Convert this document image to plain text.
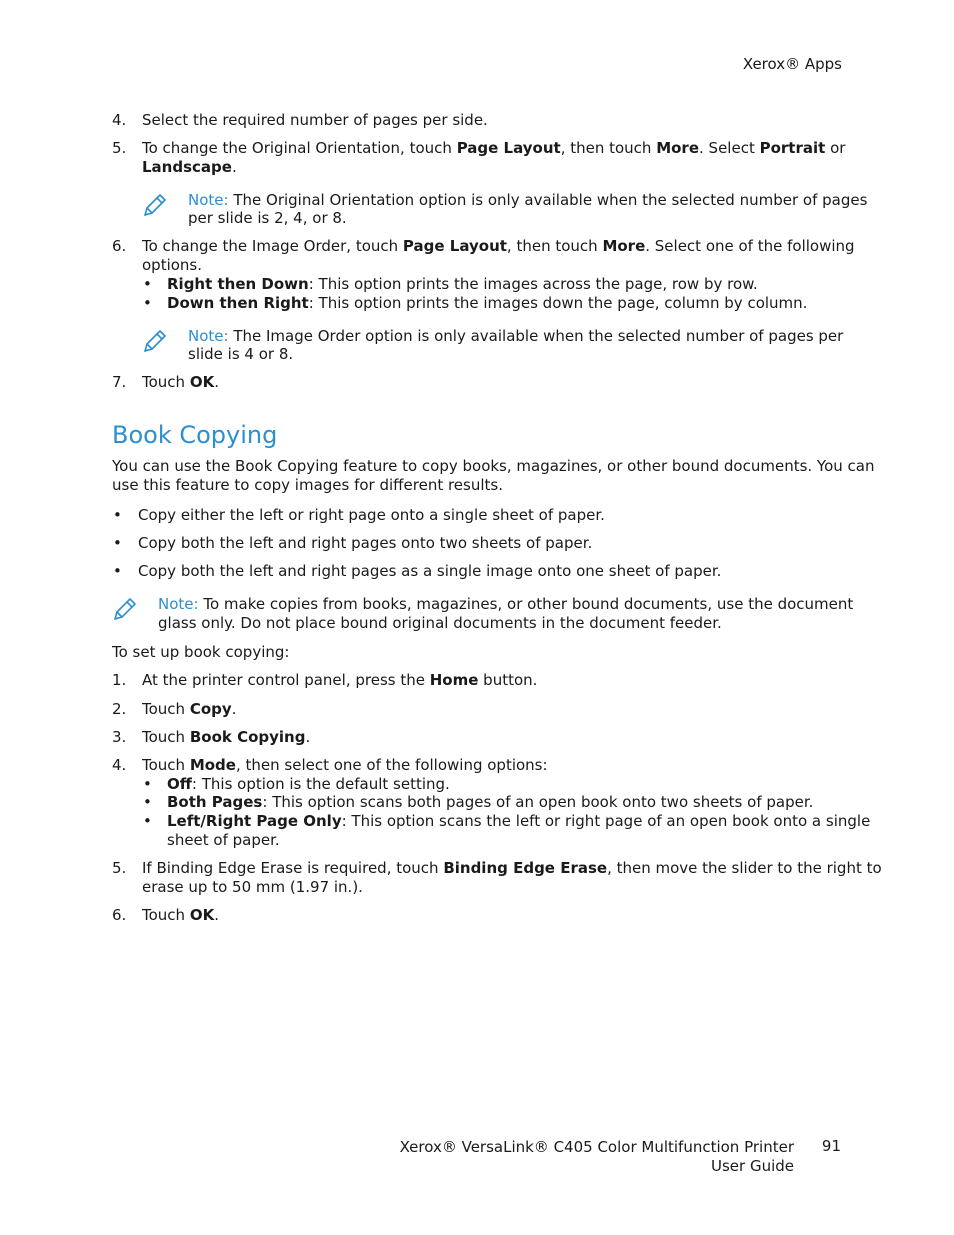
Xerox® Apps
4. Select the required number of pages per side.
5. To change the Original Orientation, touch Page Layout, then touch More. Select Portrait or
Landscape.
Note: The Original Orientation option is only available when the selected number of pages
per slide is 2, 4, or 8.
6. To change the Image Order, touch Page Layout, then touch More. Select one of the following
options.
• Right then Down: This option prints the images across the page, row by row.
• Down then Right: This option prints the images down the page, column by column.
Note: The Image Order option is only available when the selected number of pages per
slide is 4 or 8.
7. Touch OK.
Book Copying
You can use the Book Copying feature to copy books, magazines, or other bound documents. You can
use this feature to copy images for different results.
• Copy either the left or right page onto a single sheet of paper.
• Copy both the left and right pages onto two sheets of paper.
• Copy both the left and right pages as a single image onto one sheet of paper.
Note: To make copies from books, magazines, or other bound documents, use the document
glass only. Do not place bound original documents in the document feeder.
To set up book copying:
1. At the printer control panel, press the Home button.
2. Touch Copy.
3. Touch Book Copying.
4. Touch Mode, then select one of the following options:
• Off: This option is the default setting.
• Both Pages: This option scans both pages of an open book onto two sheets of paper.
• Left/Right Page Only: This option scans the left or right page of an open book onto a single
sheet of paper.
5. If Binding Edge Erase is required, touch Binding Edge Erase, then move the slider to the right to
erase up to 50 mm (1.97 in.).
6. Touch OK.
Xerox® VersaLink® C405 Color Multifunction Printer
User Guide
91
